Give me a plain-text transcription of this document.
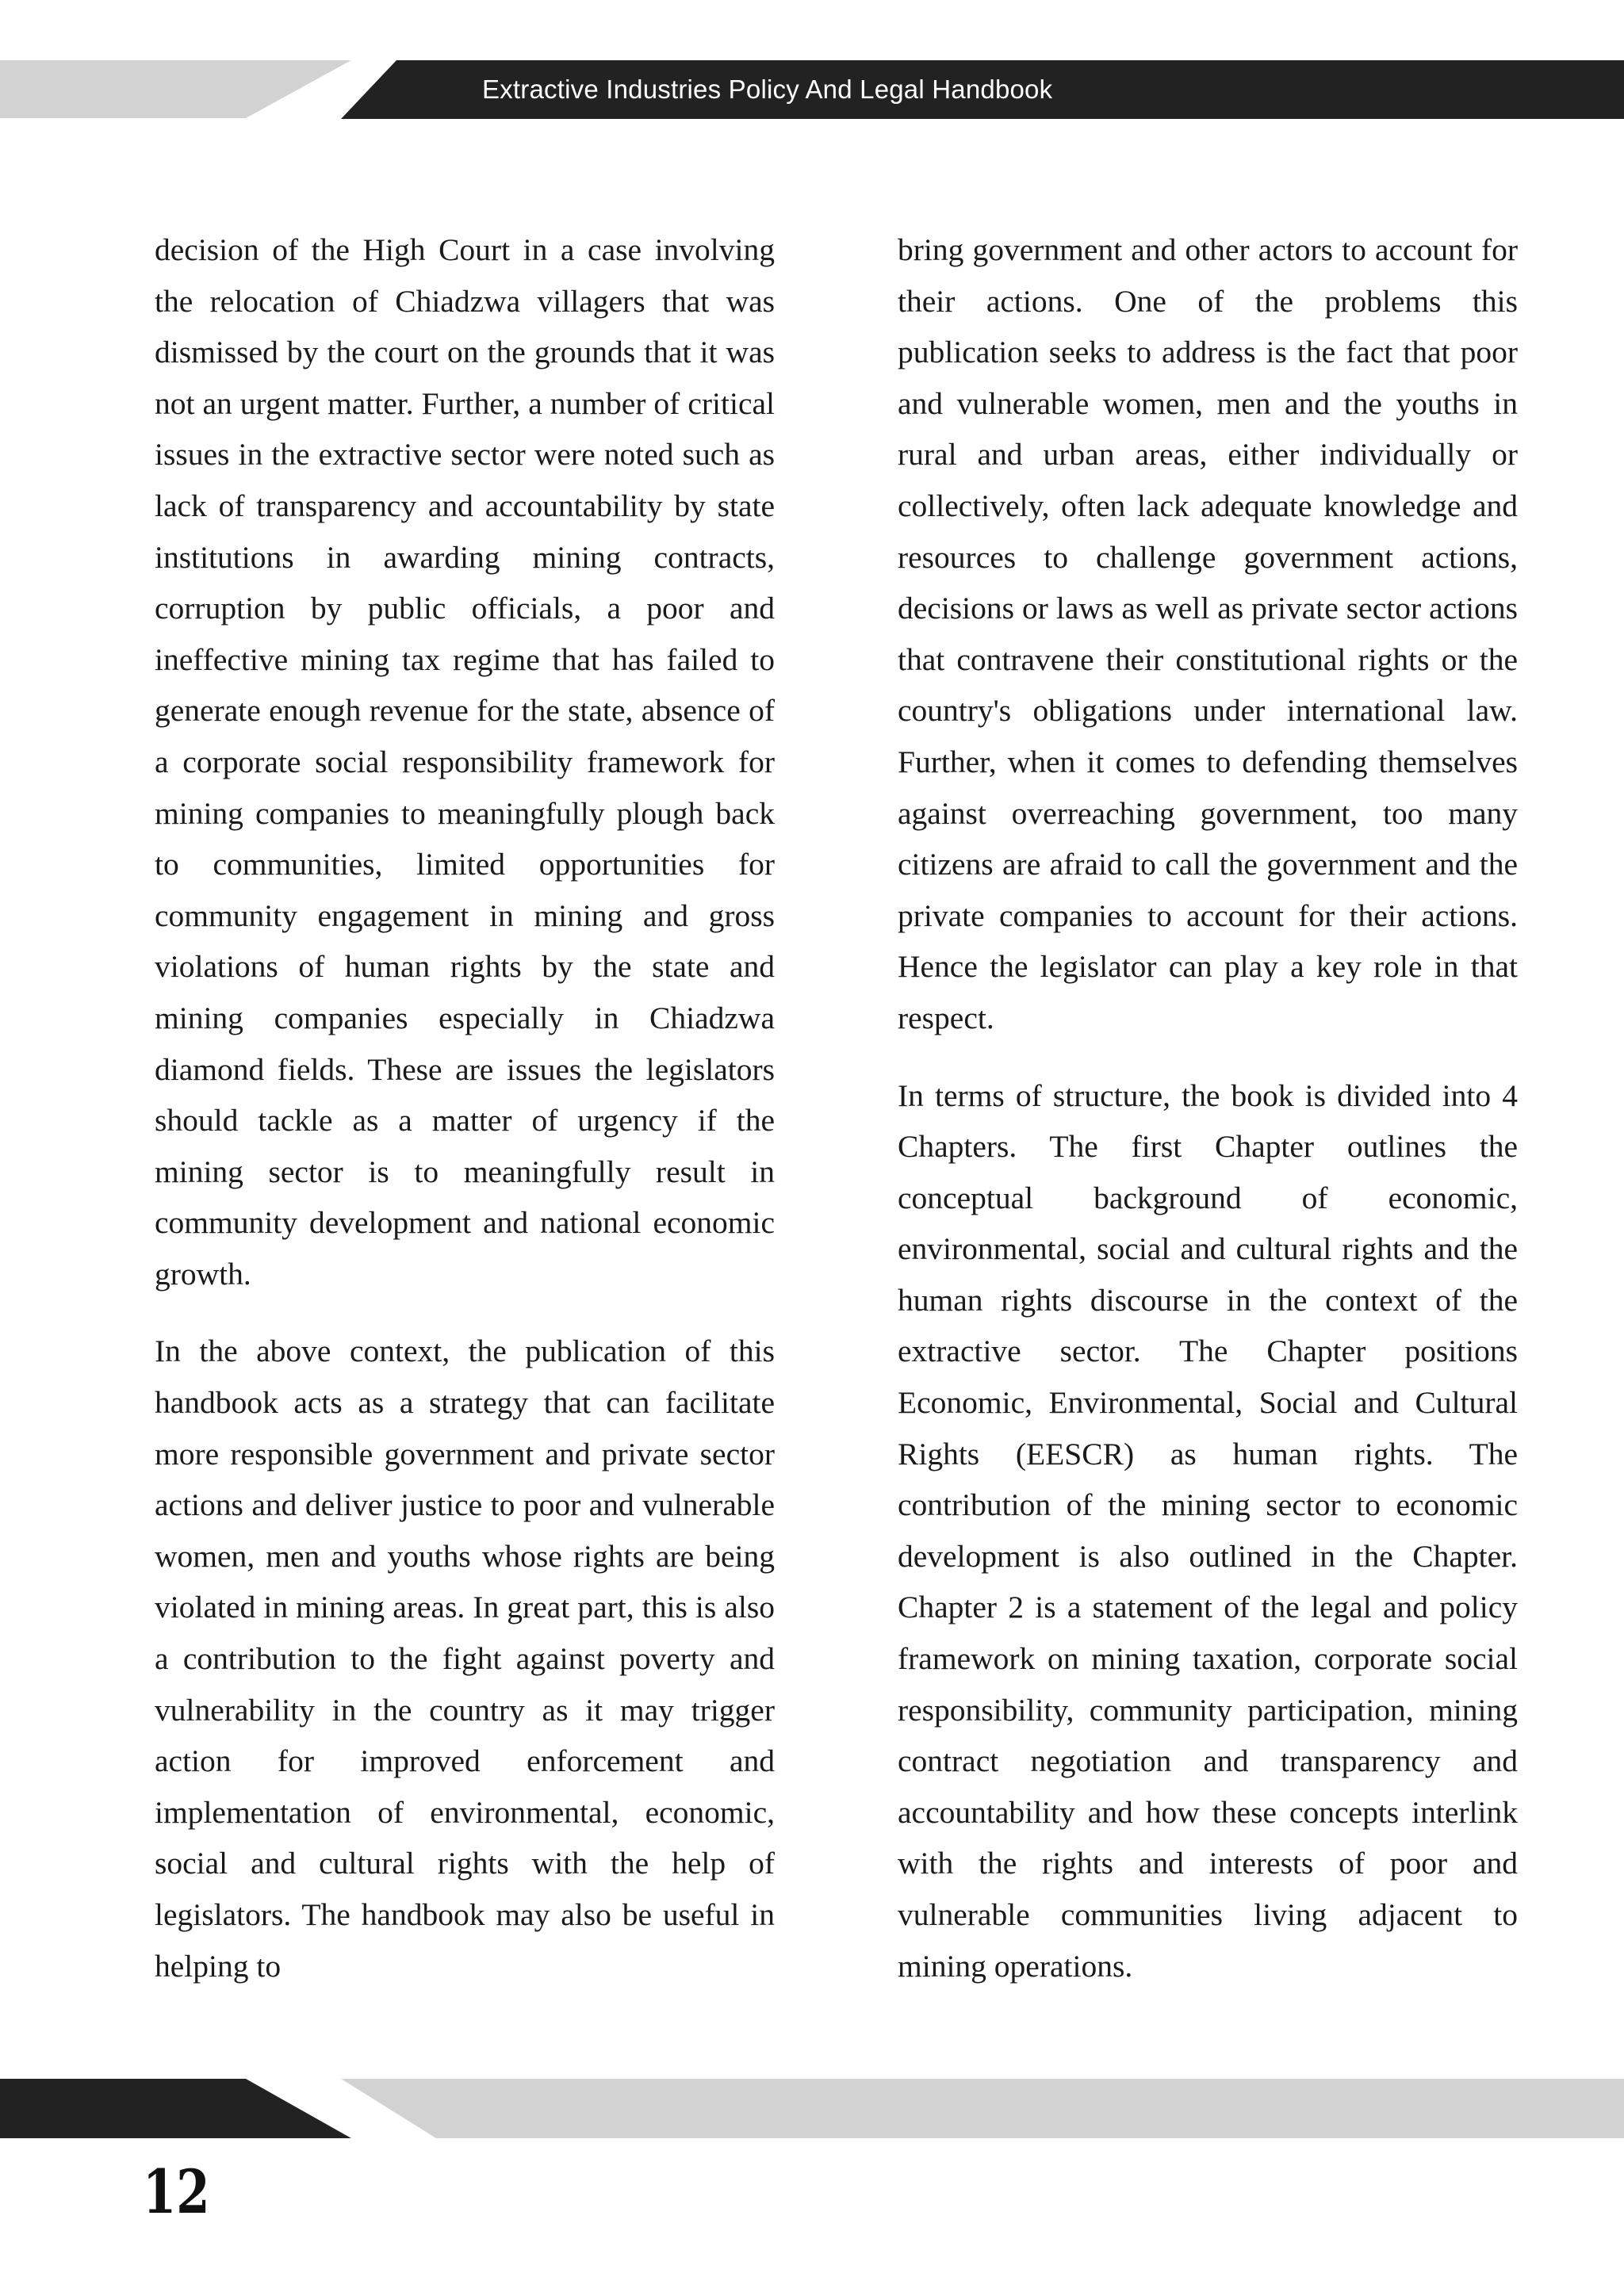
Extractive Industries Policy And Legal Handbook

decision of the High Court in a case involving the relocation of Chiadzwa villagers that was dismissed by the court on the grounds that it was not an urgent matter. Further, a number of critical issues in the extractive sector were noted such as lack of transparency and accountability by state institutions in awarding mining contracts, corruption by public officials, a poor and ineffective mining tax regime that has failed to generate enough revenue for the state, absence of a corporate social responsibility framework for mining companies to meaningfully plough back to communities, limited opportunities for community engagement in mining and gross violations of human rights by the state and mining companies especially in Chiadzwa diamond fields. These are issues the legislators should tackle as a matter of urgency if the mining sector is to meaningfully result in community development and national economic growth.

In the above context, the publication of this handbook acts as a strategy that can facilitate more responsible government and private sector actions and deliver justice to poor and vulnerable women, men and youths whose rights are being violated in mining areas. In great part, this is also a contribution to the fight against poverty and vulnerability in the country as it may trigger action for improved enforcement and implementation of environmental, economic, social and cultural rights with the help of legislators. The handbook may also be useful in helping to

bring government and other actors to account for their actions. One of the problems this publication seeks to address is the fact that poor and vulnerable women, men and the youths in rural and urban areas, either individually or collectively, often lack adequate knowledge and resources to challenge government actions, decisions or laws as well as private sector actions that contravene their constitutional rights or the country's obligations under international law. Further, when it comes to defending themselves against overreaching government, too many citizens are afraid to call the government and the private companies to account for their actions. Hence the legislator can play a key role in that respect.

In terms of structure, the book is divided into 4 Chapters. The first Chapter outlines the conceptual background of economic, environmental, social and cultural rights and the human rights discourse in the context of the extractive sector. The Chapter positions Economic, Environmental, Social and Cultural Rights (EESCR) as human rights. The contribution of the mining sector to economic development is also outlined in the Chapter. Chapter 2 is a statement of the legal and policy framework on mining taxation, corporate social responsibility, community participation, mining contract negotiation and transparency and accountability and how these concepts interlink with the rights and interests of poor and vulnerable communities living adjacent to mining operations.

12
